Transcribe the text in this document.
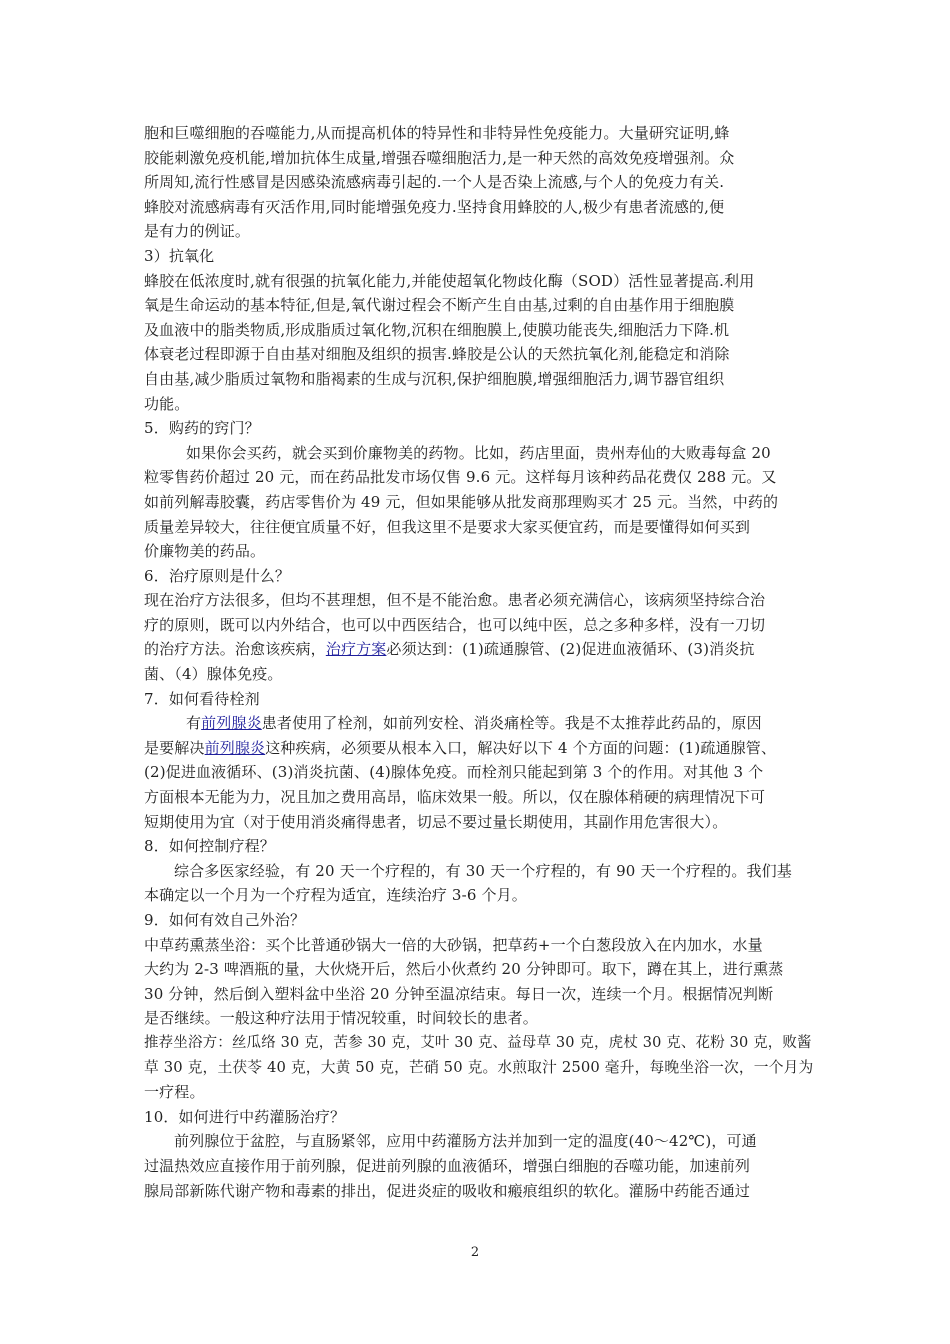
胞和巨噬细胞的吞噬能力,从而提高机体的特异性和非特异性免疫能力。大量研究证明,蜂
胶能刺激免疫机能,增加抗体生成量,增强吞噬细胞活力,是一种天然的高效免疫增强剂。众
所周知,流行性感冒是因感染流感病毒引起的.一个人是否染上流感,与个人的免疫力有关.
蜂胶对流感病毒有灭活作用,同时能增强免疫力.坚持食用蜂胶的人,极少有患者流感的,便
是有力的例证。
3）抗氧化
蜂胶在低浓度时,就有很强的抗氧化能力,并能使超氧化物歧化酶（SOD）活性显著提高.利用
氧是生命运动的基本特征,但是,氧代谢过程会不断产生自由基,过剩的自由基作用于细胞膜
及血液中的脂类物质,形成脂质过氧化物,沉积在细胞膜上,使膜功能丧失,细胞活力下降.机
体衰老过程即源于自由基对细胞及组织的损害.蜂胶是公认的天然抗氧化剂,能稳定和消除
自由基,减少脂质过氧物和脂褐素的生成与沉积,保护细胞膜,增强细胞活力,调节器官组织
功能。
5．购药的窍门？
如果你会买药，就会买到价廉物美的药物。比如，药店里面，贵州寿仙的大败毒每盒 20
粒零售药价超过 20 元，而在药品批发市场仅售 9.6 元。这样每月该种药品花费仅 288 元。又
如前列解毒胶囊，药店零售价为 49 元，但如果能够从批发商那理购买才 25 元。当然，中药的
质量差异较大，往往便宜质量不好，但我这里不是要求大家买便宜药，而是要懂得如何买到
价廉物美的药品。
6．治疗原则是什么？
现在治疗方法很多，但均不甚理想，但不是不能治愈。患者必须充满信心，该病须坚持综合治
疗的原则，既可以内外结合，也可以中西医结合，也可以纯中医，总之多种多样，没有一刀切
的治疗方法。治愈该疾病，治疗方案必须达到：(1)疏通腺管、(2)促进血液循环、(3)消炎抗
菌、（4）腺体免疫。
7．如何看待栓剂
有前列腺炎患者使用了栓剂，如前列安栓、消炎痛栓等。我是不太推荐此药品的，原因
是要解决前列腺炎这种疾病，必须要从根本入口，解决好以下 4 个方面的问题：(1)疏通腺管、
(2)促进血液循环、(3)消炎抗菌、(4)腺体免疫。而栓剂只能起到第 3 个的作用。对其他 3 个
方面根本无能为力，况且加之费用高昂，临床效果一般。所以，仅在腺体稍硬的病理情况下可
短期使用为宜（对于使用消炎痛得患者，切忌不要过量长期使用，其副作用危害很大）。
8．如何控制疗程？
综合多医家经验，有 20 天一个疗程的，有 30 天一个疗程的，有 90 天一个疗程的。我们基
本确定以一个月为一个疗程为适宜，连续治疗 3-6 个月。
9．如何有效自己外治？
中草药熏蒸坐浴：买个比普通砂锅大一倍的大砂锅，把草药+一个白葱段放入在内加水，水量
大约为 2-3 啤酒瓶的量，大伙烧开后，然后小伙煮约 20 分钟即可。取下，蹲在其上，进行熏蒸
30 分钟，然后倒入塑料盆中坐浴 20 分钟至温凉结束。每日一次，连续一个月。根据情况判断
是否继续。一般这种疗法用于情况较重，时间较长的患者。
推荐坐浴方：丝瓜络 30 克，苦参 30 克，艾叶 30 克、益母草 30 克，虎杖 30 克、花粉 30 克，败酱
草 30 克，土茯苓 40 克，大黄 50 克，芒硝 50 克。水煎取汁 2500 毫升，每晚坐浴一次，一个月为
一疗程。
10．如何进行中药灌肠治疗？
前列腺位于盆腔，与直肠紧邻，应用中药灌肠方法并加到一定的温度(40～42℃)，可通
过温热效应直接作用于前列腺，促进前列腺的血液循环，增强白细胞的吞噬功能，加速前列
腺局部新陈代谢产物和毒素的排出，促进炎症的吸收和瘢痕组织的软化。灌肠中药能否通过
2
